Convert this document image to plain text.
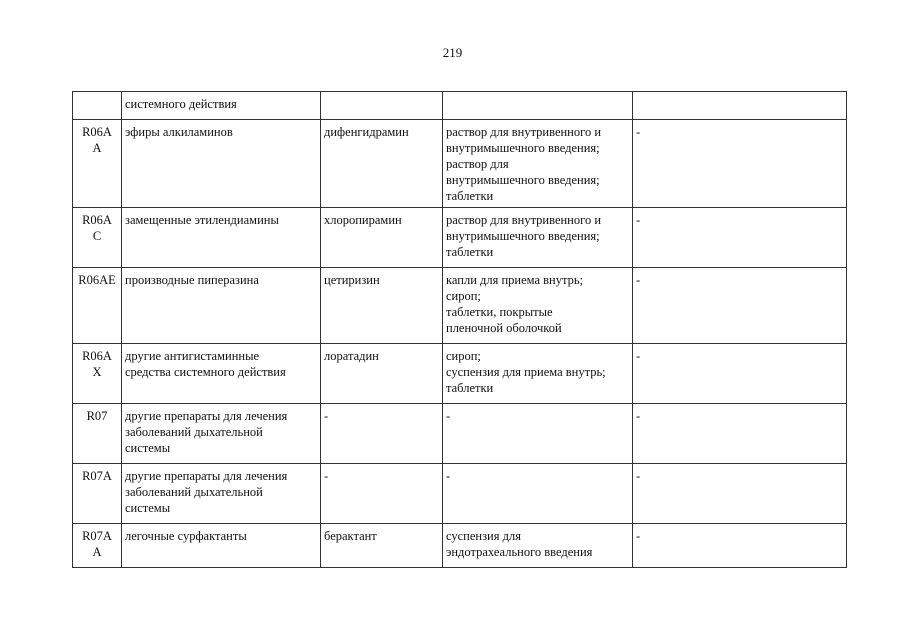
219

	системного действия			

R06A
A	эфиры алкиламинов	дифенгидрамин	раствор для внутривенного и
внутримышечного введения;
раствор для
внутримышечного введения;
таблетки	-

R06A
C	замещенные этилендиамины	хлоропирамин	раствор для внутривенного и
внутримышечного введения;
таблетки	-

R06AE	производные пиперазина	цетиризин	капли для приема внутрь;
сироп;
таблетки, покрытые
пленочной оболочкой	-

R06A
X	другие антигистаминные
средства системного действия	лоратадин	сироп;
суспензия для приема внутрь;
таблетки	-

R07	другие препараты для лечения
заболеваний дыхательной
системы	-	-	-

R07A	другие препараты для лечения
заболеваний дыхательной
системы	-	-	-

R07A
A	легочные сурфактанты	берактант	суспензия для
эндотрахеального введения	-
